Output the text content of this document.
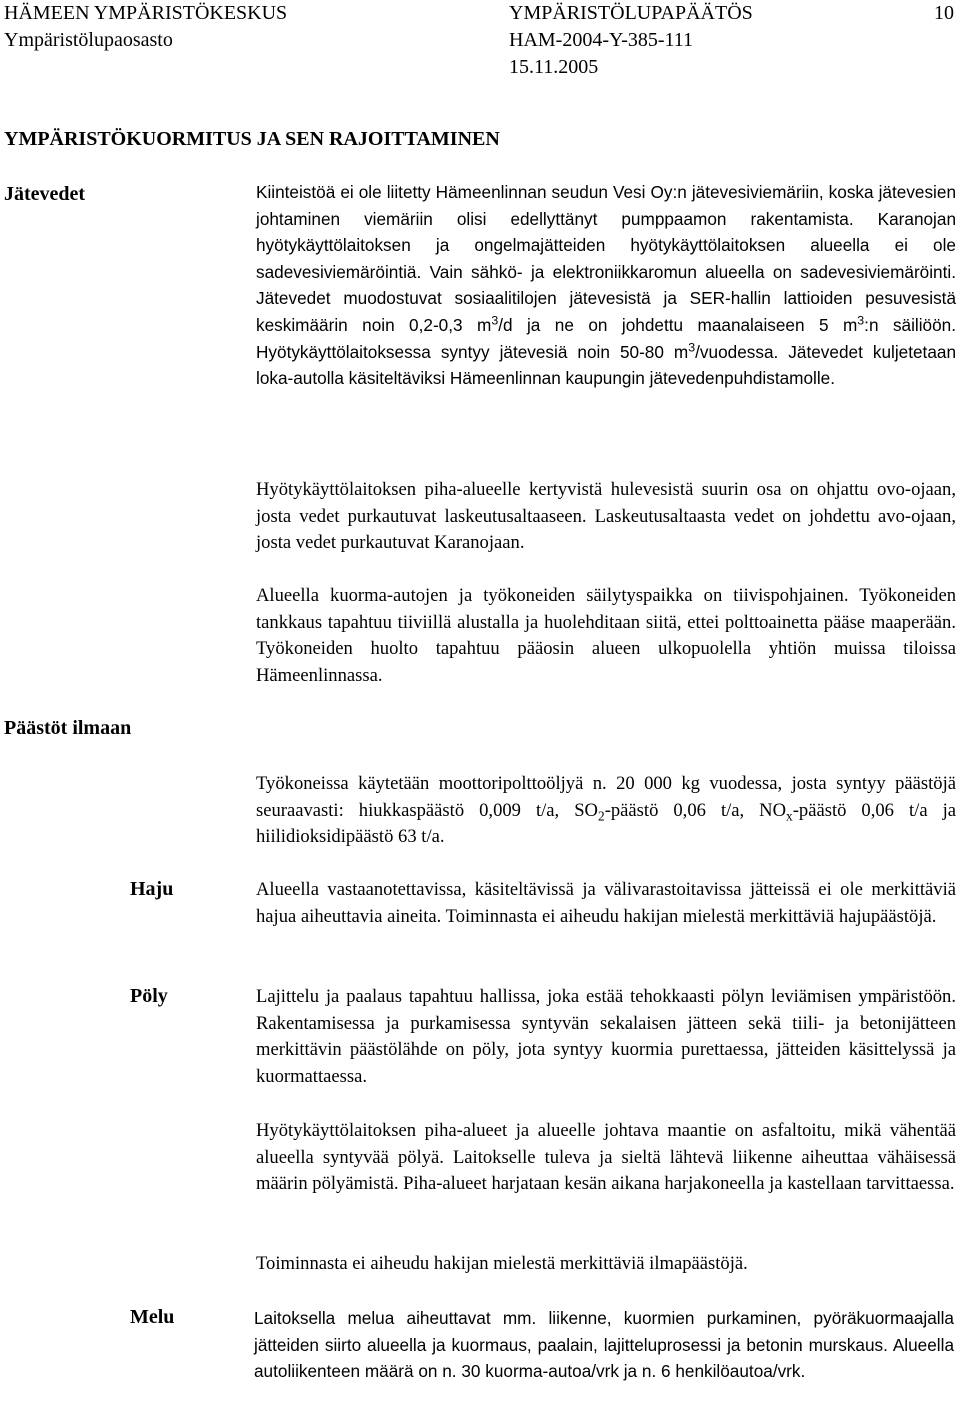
HÄMEEN YMPÄRISTÖKESKUS	YMPÄRISTÖLUPAPÄÄTÖS	10
Ympäristölupaosasto	HAM-2004-Y-385-111
15.11.2005
YMPÄRISTÖKUORMITUS JA SEN RAJOITTAMINEN
Jätevedet
Päästöt ilmaan
Haju
Pöly
Melu

Kiinteistöä ei ole liitetty Hämeenlinnan seudun Vesi Oy:n jätevesiviemäriin, koska jätevesien johtaminen viemäriin olisi edellyttänyt pumppaamon rakentamista. Karanojan hyötykäyttölaitoksen ja ongelmajätteiden hyötykäyttölaitoksen alueella ei ole sadevesiviemäröintiä. Vain sähkö- ja elektroniikkaromun alueella on sadevesiviemäröinti. Jätevedet muodostuvat sosiaalitilojen jätevesistä ja SER-hallin lattioiden pesuvesistä keskimäärin noin 0,2-0,3 $m^3/d$ ja ne on johdettu maanalaiseen 5 $m^3:n$ säiliöön. Hyötykäyttölaitoksessa syntyy jätevesiä noin 50-80 $m^3$/vuodessa. Jätevedet kuljetetaan loka-autolla käsiteltäviksi Hämeenlinnan kaupungin jätevedenpuhdistamolle.

Hyötykäyttölaitoksen piha-alueelle kertyvistä hulevesistä suurin osa on ohjattu ovo-ojaan, josta vedet purkautuvat laskeutusaltaaseen. Laskeutusaltaasta vedet on johdettu avo-ojaan, josta vedet purkautuvat Karanojaan.

Alueella kuorma-autojen ja työkoneiden säilytyspaikka on tiivispohjainen. Työkoneiden tankkaus tapahtuu tiiviillä alustalla ja huolehditaan siitä, ettei polttoainetta pääse maaperään. Työkoneiden huolto tapahtuu pääosin alueen ulkopuolella yhtiön muissa tiloissa Hämeenlinnassa.

Työkoneissa käytetään moottoripolttoöljyä n. 20 000 kg vuodessa, josta syntyy päästöjä seuraavasti: hiukkaspäästö 0,009 t/a, $SO_2$-päästö 0,06 t/a, $NO_x$-päästö 0,06 t/a ja hiilidioksidipäästö 63 t/a.

Alueella vastaanotettavissa, käsiteltävissä ja välivarastoitavissa jätteissä ei ole merkittäviä hajua aiheuttavia aineita. Toiminnasta ei aiheudu hakijan mielestä merkittäviä hajupäästöjä.

Lajittelu ja paalaus tapahtuu hallissa, joka estää tehokkaasti pölyn leviämisen ympäristöön. Rakentamisessa ja purkamisessa syntyvän sekalaisen jätteen sekä tiili- ja betonijätteen merkittävin päästölähde on pöly, jota syntyy kuormia purettaessa, jätteiden käsittelyssä ja kuormattaessa.

Hyötykäyttölaitoksen piha-alueet ja alueelle johtava maantie on asfaltoitu, mikä vähentää alueella syntyvää pölyä. Laitokselle tuleva ja sieltä lähtevä liikenne aiheuttaa vähäisessä määrin pölyämistä. Piha-alueet harjataan kesän aikana harjakoneella ja kastellaan tarvittaessa.

Toiminnasta ei aiheudu hakijan mielestä merkittäviä ilmapäästöjä.

Laitoksella melua aiheuttavat mm. liikenne, kuormien purkaminen, pyöräkuormaajalla jätteiden siirto alueella ja kuormaus, paalain, lajitteluprosessi ja betonin murskaus. Alueella autoliikenteen määrä on n. 30 kuorma-autoa/vrk ja n. 6 henkilöautoa/vrk.
